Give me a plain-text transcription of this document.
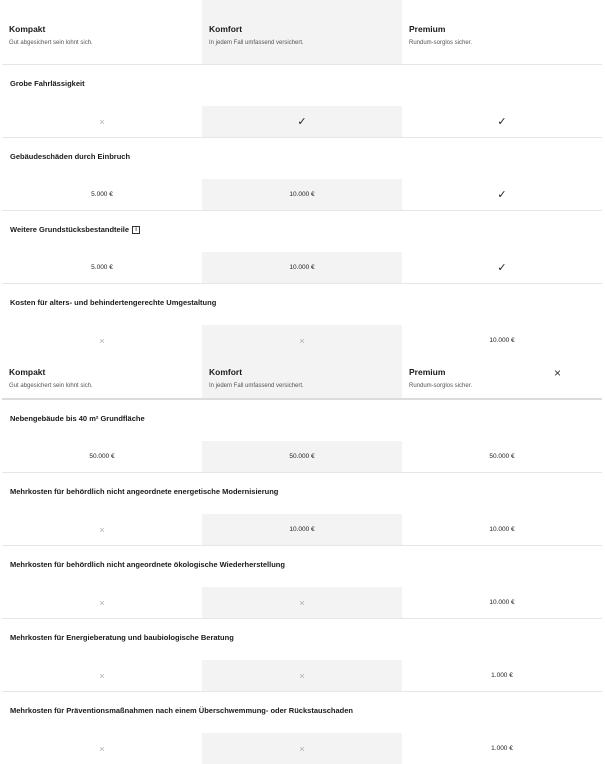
Kompakt
Gut abgesichert sein lohnt sich.
Komfort
In jedem Fall umfassend versichert.
Premium
Rundum-sorglos sicher.
Grobe Fahrlässigkeit
×	✓	✓
Gebäudeschäden durch Einbruch
5.000 €	10.000 €	✓
Weitere Grundstücksbestandteile	i
5.000 €	10.000 €	✓
Kosten für alters- und behindertengerechte Umgestaltung
×	×	10.000 €
Kompakt
Gut abgesichert sein lohnt sich.
Komfort
In jedem Fall umfassend versichert.
Premium
Rundum-sorglos sicher.
×
Nebengebäude bis 40 m² Grundfläche
50.000 €	50.000 €	50.000 €
Mehrkosten für behördlich nicht angeordnete energetische Modernisierung
×	10.000 €	10.000 €
Mehrkosten für behördlich nicht angeordnete ökologische Wiederherstellung
×	×	10.000 €
Mehrkosten für Energieberatung und baubiologische Beratung
×	×	1.000 €
Mehrkosten für Präventionsmaßnahmen nach einem Überschwemmung- oder Rückstauschaden
×	×	1.000 €
